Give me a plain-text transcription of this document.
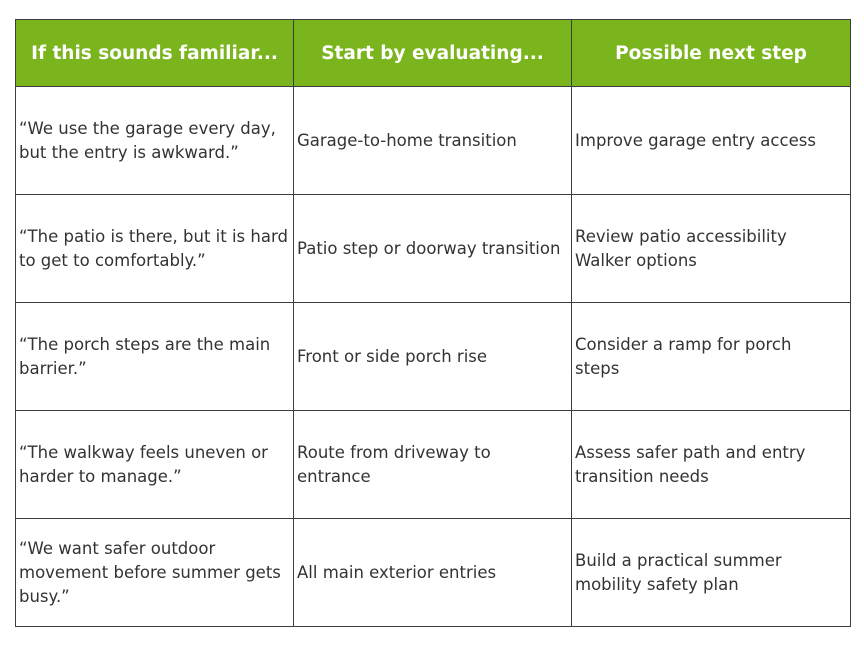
If this sounds familiar...	Start by evaluating...	Possible next step

“We use the garage every day,
but the entry is awkward.”	Garage-to-home transition	Improve garage entry access

“The patio is there, but it is hard
to get to comfortably.”	Patio step or doorway transition	Review patio accessibility
Walker options

“The porch steps are the main
barrier.”	Front or side porch rise	Consider a ramp for porch
steps

“The walkway feels uneven or
harder to manage.”	Route from driveway to
entrance	Assess safer path and entry
transition needs

“We want safer outdoor
movement before summer gets
busy.”	All main exterior entries	Build a practical summer
mobility safety plan
